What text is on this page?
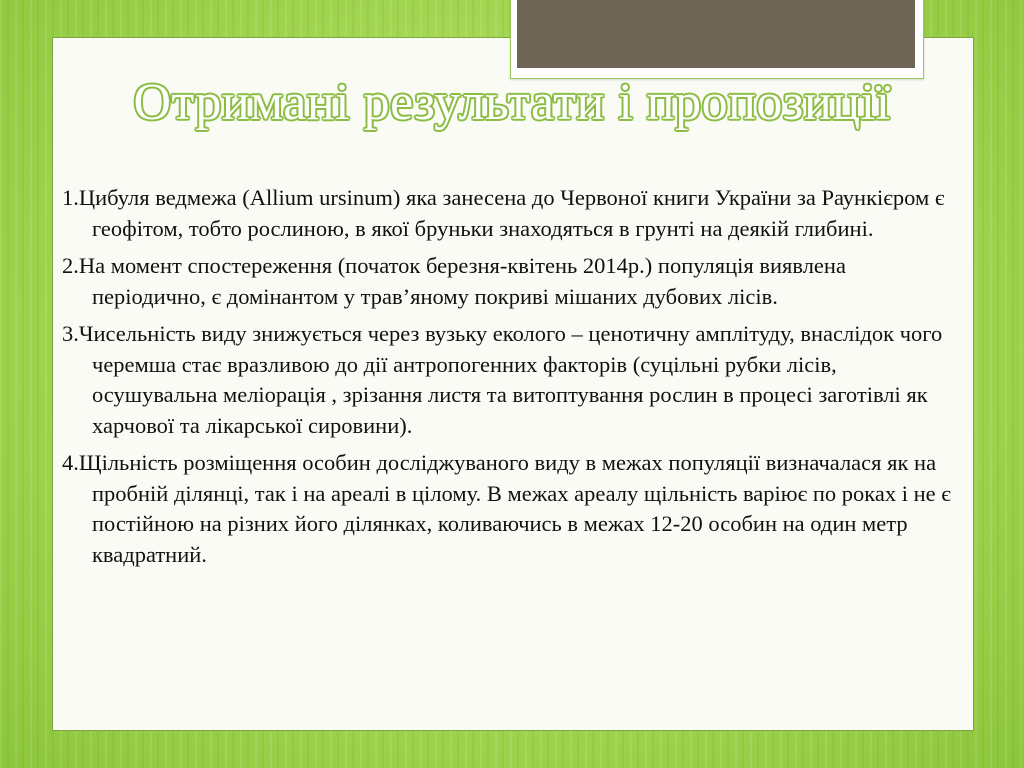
Отримані результати і пропозиції

1.Цибуля ведмежа (Allium ursinum) яка занесена до Червоної книги України за Раункієром є геофітом, тобто рослиною, в якої бруньки знаходяться в грунті на деякій глибині.

2.На момент спостереження (початок березня-квітень 2014р.) популяція виявлена періодично, є домінантом у трав’яному покриві мішаних дубових лісів.

3.Чисельність виду знижується через вузьку еколого – ценотичну амплітуду, внаслідок чого черемша стає вразливою до дії антропогенних факторів (суцільні рубки лісів, осушувальна меліорація , зрізання листя та витоптування рослин в процесі заготівлі як харчової та лікарської сировини).

4.Щільність розміщення особин досліджуваного виду в межах популяції визначалася як на пробній ділянці, так і на ареалі в цілому. В межах ареалу щільність варіює по роках і не є постійною на різних його ділянках, коливаючись в межах 12-20 особин на один метр квадратний.
